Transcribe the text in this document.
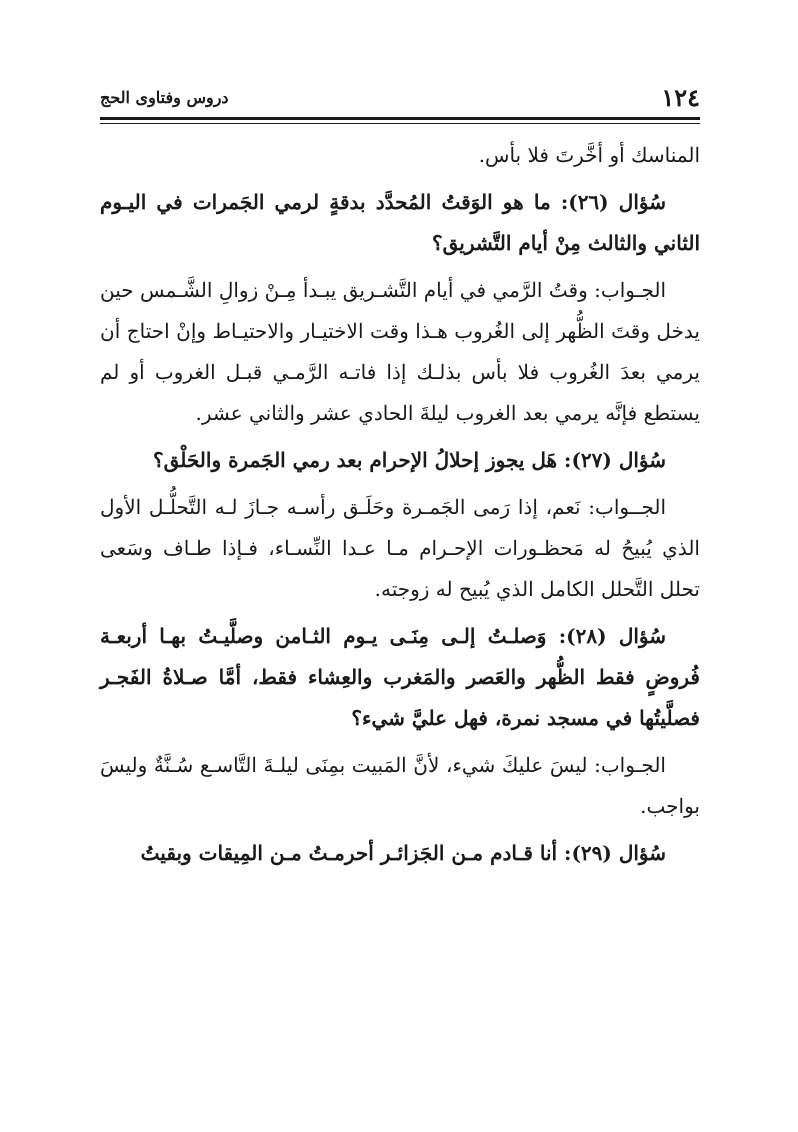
١٢٤
دروس وفتاوى الحج

المناسك أو أخَّرتَ فلا بأس.

سُؤال (٢٦): ما هو الوَقتُ المُحدَّد بدقةٍ لرمي الجَمرات في اليـوم الثاني والثالث مِنْ أيام التَّشريق؟

الجـواب: وقتُ الرَّمي في أيام التَّشـريق يبـدأ مِـنْ زوالِ الشَّـمس حين يدخل وقتَ الظُّهر إلى الغُروب هـذا وقت الاختيـار والاحتيـاط وإنْ احتاج أن يرمي بعدَ الغُروب فلا بأس بذلـك إذا فاتـه الرَّمـي قبـل الغروب أو لم يستطع فإنَّه يرمي بعد الغروب ليلةَ الحادي عشر والثاني عشر.

سُؤال (٢٧): هَل يجوز إحلالُ الإحرام بعد رمي الجَمرة والحَلْق؟

الجــواب: نَعم، إذا رَمى الجَمـرة وحَلَـق رأسـه جـازَ لـه التَّحلُّـل الأول الذي يُبيحُ له مَحظـورات الإحـرام مـا عـدا النِّسـاء، فـإذا طـاف وسَعى تحلل التَّحلل الكامل الذي يُبيح له زوجته.

سُؤال (٢٨): وَصلـتُ إلـى مِنَـى يـوم الثـامن وصلَّيـتُ بهـا أربعـة فُروضٍ فقط الظُّهر والعَصر والمَغرب والعِشاء فقط، أمَّا صـلاةُ الفَجـر فصلَّيتُها في مسجد نمرة، فهل عليَّ شيء؟

الجـواب: ليسَ عليكَ شيء، لأنَّ المَبيت بمِنَى ليلـةَ التَّاسـع سُـنَّةٌ وليسَ بواجب.

سُؤال (٢٩): أنا قـادم مـن الجَزائـر أحرمـتُ مـن المِيقات وبقيتُ
